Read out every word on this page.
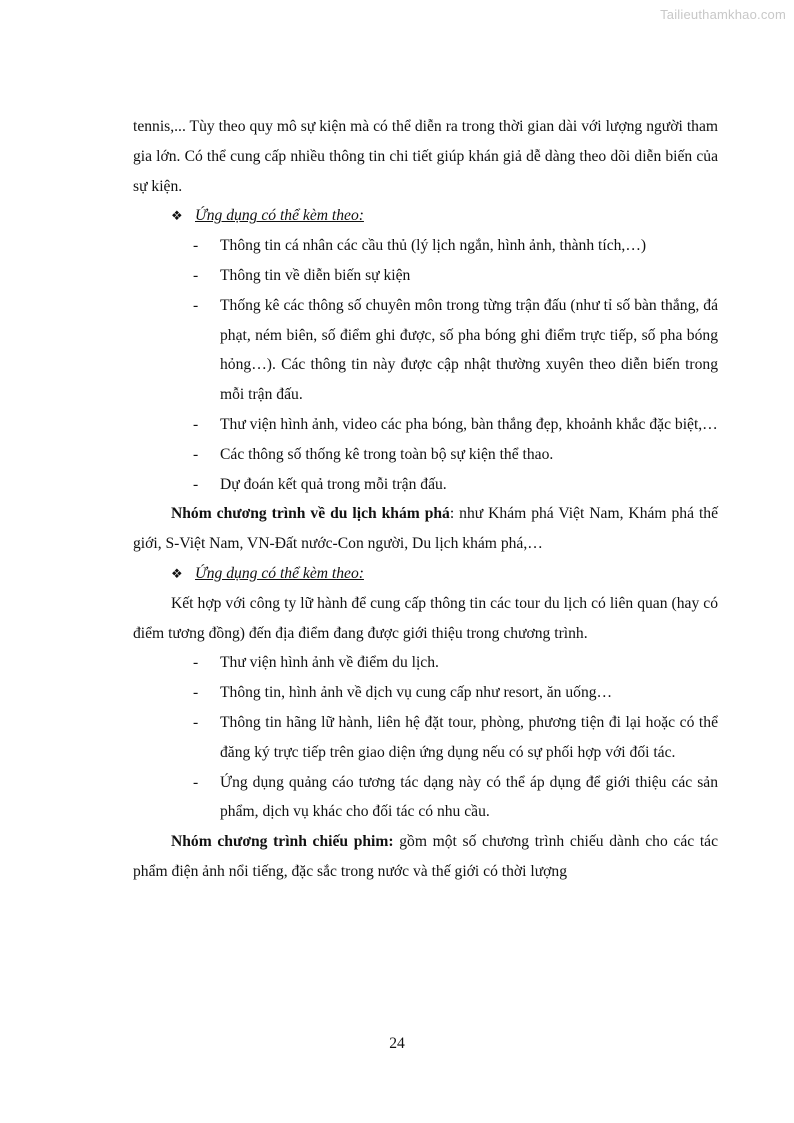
Tailieuthamkhao.com

tennis,... Tùy theo quy mô sự kiện mà có thể diễn ra trong thời gian dài với lượng người tham gia lớn. Có thể cung cấp nhiều thông tin chi tiết giúp khán giả dễ dàng theo dõi diễn biến của sự kiện.

❖ Ứng dụng có thể kèm theo:

- Thông tin cá nhân các cầu thủ (lý lịch ngắn, hình ảnh, thành tích,…)

- Thông tin về diễn biến sự kiện

- Thống kê các thông số chuyên môn trong từng trận đấu (như tỉ số bàn thắng, đá phạt, ném biên, số điểm ghi được, số pha bóng ghi điểm trực tiếp, số pha bóng hỏng…). Các thông tin này được cập nhật thường xuyên theo diễn biến trong mỗi trận đấu.

- Thư viện hình ảnh, video các pha bóng, bàn thắng đẹp, khoảnh khắc đặc biệt,…

- Các thông số thống kê trong toàn bộ sự kiện thể thao.

- Dự đoán kết quả trong mỗi trận đấu.

Nhóm chương trình về du lịch khám phá: như Khám phá Việt Nam, Khám phá thế giới, S-Việt Nam, VN-Đất nước-Con người, Du lịch khám phá,…

❖ Ứng dụng có thể kèm theo:

Kết hợp với công ty lữ hành để cung cấp thông tin các tour du lịch có liên quan (hay có điểm tương đồng) đến địa điểm đang được giới thiệu trong chương trình.

- Thư viện hình ảnh về điểm du lịch.

- Thông tin, hình ảnh về dịch vụ cung cấp như resort, ăn uống…

- Thông tin hãng lữ hành, liên hệ đặt tour, phòng, phương tiện đi lại hoặc có thể đăng ký trực tiếp trên giao diện ứng dụng nếu có sự phối hợp với đối tác.

- Ứng dụng quảng cáo tương tác dạng này có thể áp dụng để giới thiệu các sản phẩm, dịch vụ khác cho đối tác có nhu cầu.

Nhóm chương trình chiếu phim: gồm một số chương trình chiếu dành cho các tác phẩm điện ảnh nổi tiếng, đặc sắc trong nước và thế giới có thời lượng

24
